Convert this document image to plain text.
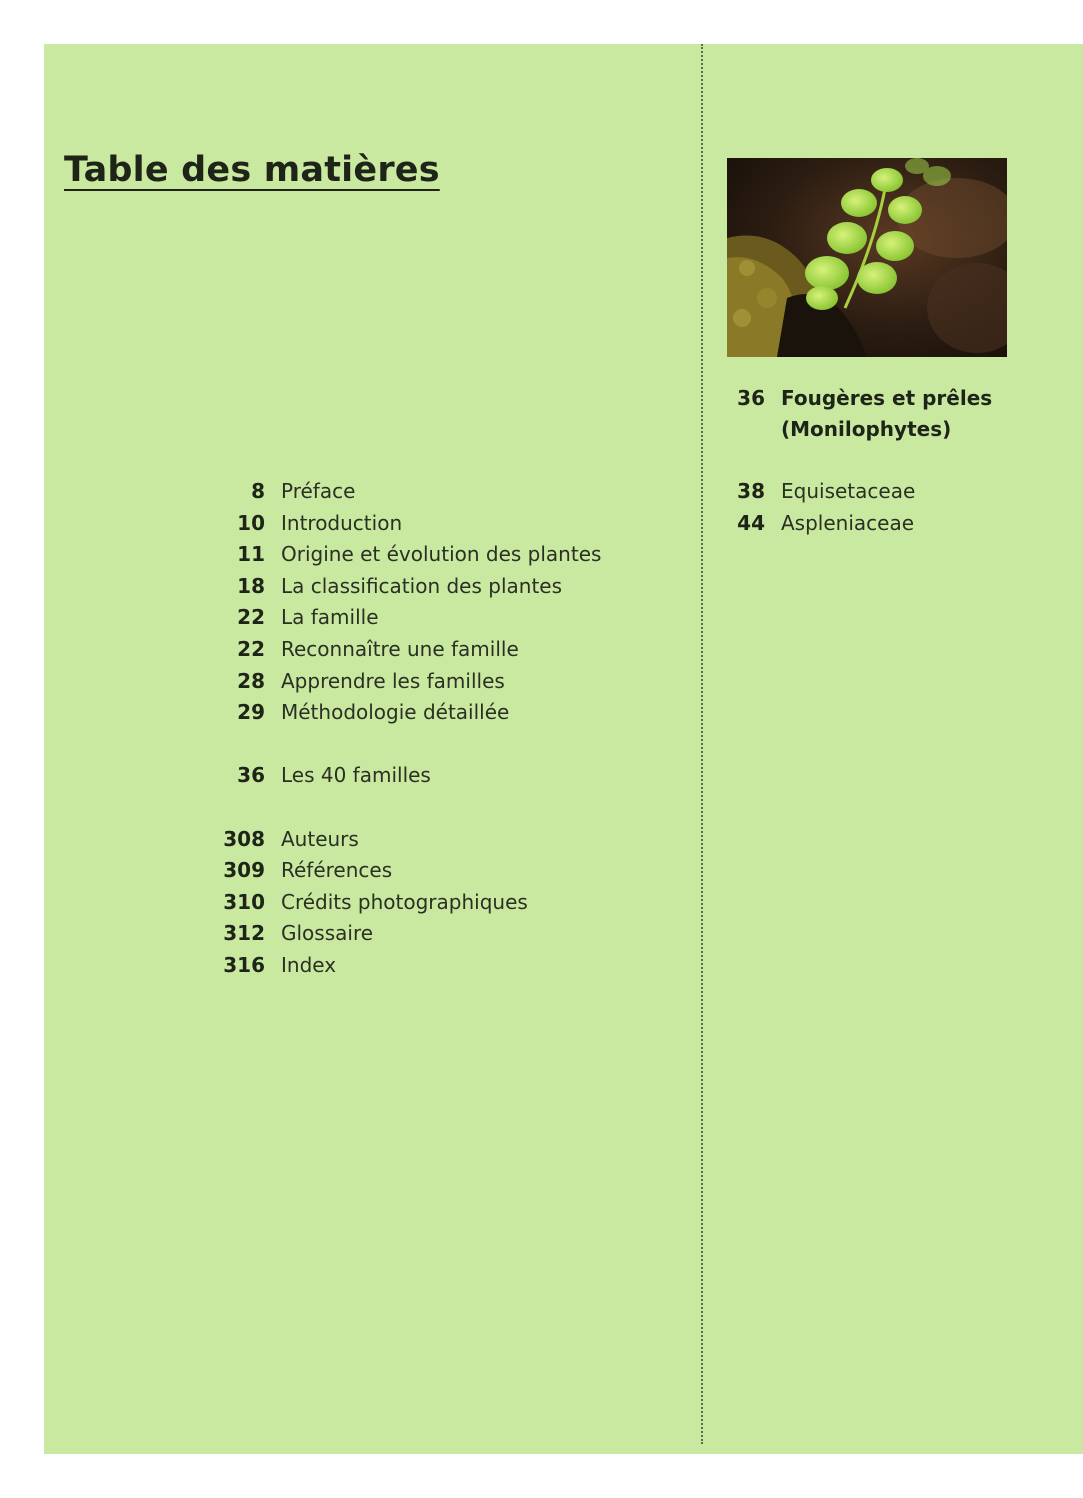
Table des matières
36 Fougères et prêles
(Monilophytes)
8 Préface
10 Introduction
11 Origine et évolution des plantes
18 La classification des plantes
22 La famille
22 Reconnaître une famille
28 Apprendre les familles
29 Méthodologie détaillée
36 Les 40 familles
308 Auteurs
309 Références
310 Crédits photographiques
312 Glossaire
316 Index
38 Equisetaceae
44 Aspleniaceae
